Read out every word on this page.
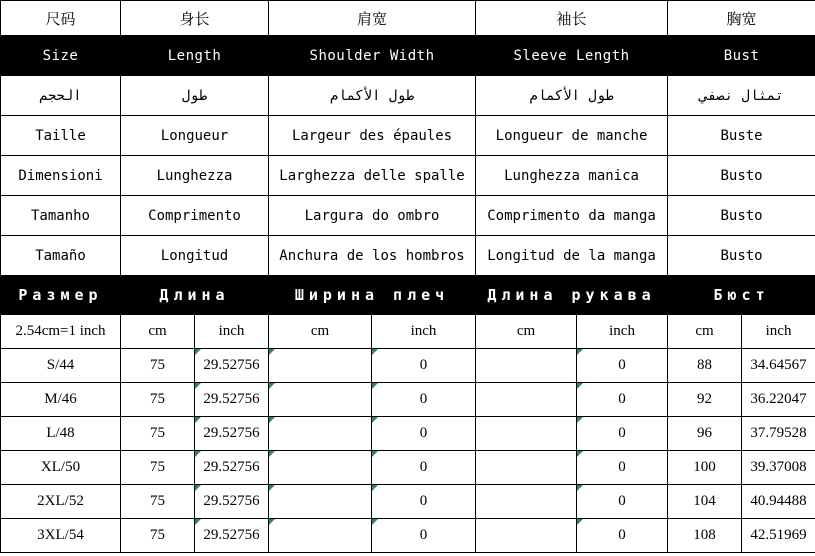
尺码	身长		肩宽		袖长		胸宽	
Size	Length		Shoulder Width		Sleeve Length		Bust	
الحجم	طول		طول الأكمام		طول الأكمام		تمثال نصفي	
Taille	Longueur		Largeur des épaules		Longueur de manche		Buste	
Dimensioni	Lunghezza		Larghezza delle spalle		Lunghezza manica		Busto	
Tamanho	Comprimento		Largura do ombro		Comprimento da manga		Busto	
Tamaño	Longitud		Anchura de los hombros		Longitud de la manga		Busto	
Размер	Длина		Ширина плеч		Длина рукава		Бюст	
2.54cm=1 inch	cm	inch	cm	inch	cm	inch	cm	inch
S/44	75	29.52756		0		0	88	34.64567
M/46	75	29.52756		0		0	92	36.22047
L/48	75	29.52756		0		0	96	37.79528
XL/50	75	29.52756		0		0	100	39.37008
2XL/52	75	29.52756		0		0	104	40.94488
3XL/54	75	29.52756		0		0	108	42.51969
